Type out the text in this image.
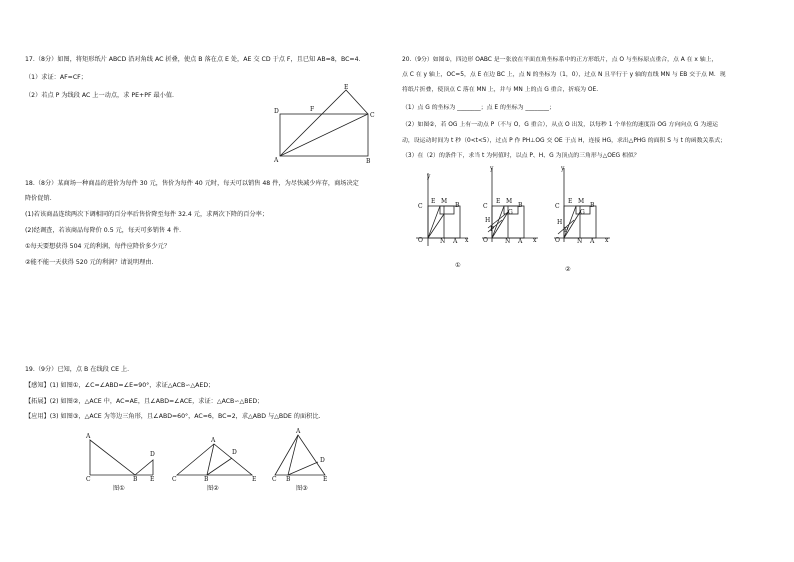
17.（8分）如图，将矩形纸片 ABCD 沿对角线 AC 折叠，使点 B 落在点 E 处，AE 交 CD 于点 F，且已知 AB=8，BC=4.
（1）求证：AF=CF；
（2）若点 P 为线段 AC 上一动点，求 PE+PF 最小值.
D	F
E
C
A	B
18.（8分）某商场一种商品的进价为每件 30 元，售价为每件 40 元时，每天可以销售 48 件，为尽快减少库存，商场决定
降价促销.
(1)若该商品连续两次下调相同的百分率后售价降至每件 32.4 元，求两次下降的百分率；
(2)经调查，若该商品每降价 0.5 元，每天可多销售 4 件．
①每天要想获得 504 元的利润，每件应降价多少元？
②能不能一天获得 520 元的利润？请说明理由.
19.（9分）已知，点 B 在线段 CE 上.
【感知】(1) 如图①，∠C=∠ABD=∠E=90°，求证△ACB∽△AED；
【拓展】(2) 如图②，△ACE 中，AC=AE，且∠ABD=∠ACE，求证：△ACB∽△BED；
【应用】(3) 如图③，△ACE 为等边三角形，且∠ABD=60°，AC=6，BC=2，求△ABD 与△BDE 的面积比.
A
D
C	B E
图①
A
D
C	B	E
图②
A
D
C B	E
图③
20.（9分）如图①，四边形 OABC 是一张放在平面直角坐标系中的正方形纸片，点 O 与坐标原点重合，点 A 在 x 轴上，
点 C 在 y 轴上，OC=5，点 E 在边 BC 上，点 N 的坐标为（1，0），过点 N 且平行于 y 轴的直线 MN 与 EB 交于点 M．现
将纸片折叠，使顶点 C 落在 MN 上，并与 MN 上的点 G 重合，折痕为 OE.
（1）点 G 的坐标为 ________；点 E 的坐标为 ________；
（2）如图②，若 OG 上有一动点 P（不与 O，G 重合），从点 O 出发，以每秒 1 个单位的速度沿 OG 方向向点 G 为速运
动，设运动时间为 t 秒（0<t<5），过点 P 作 PH⊥OG 交 OE 于点 H，连接 HG，求出△PHG 的面积 S 与 t 的函数关系式；
（3）在（2）的条件下，求当 t 为何值时，以点 P、H、G 为顶点的三角形与△OEG 相似？
y
C
E M
B
O	N A x
①
y
C
E M
B
G
H
P
O	N A x
y
C
E M
B
G
H
P
O	N A x
②
